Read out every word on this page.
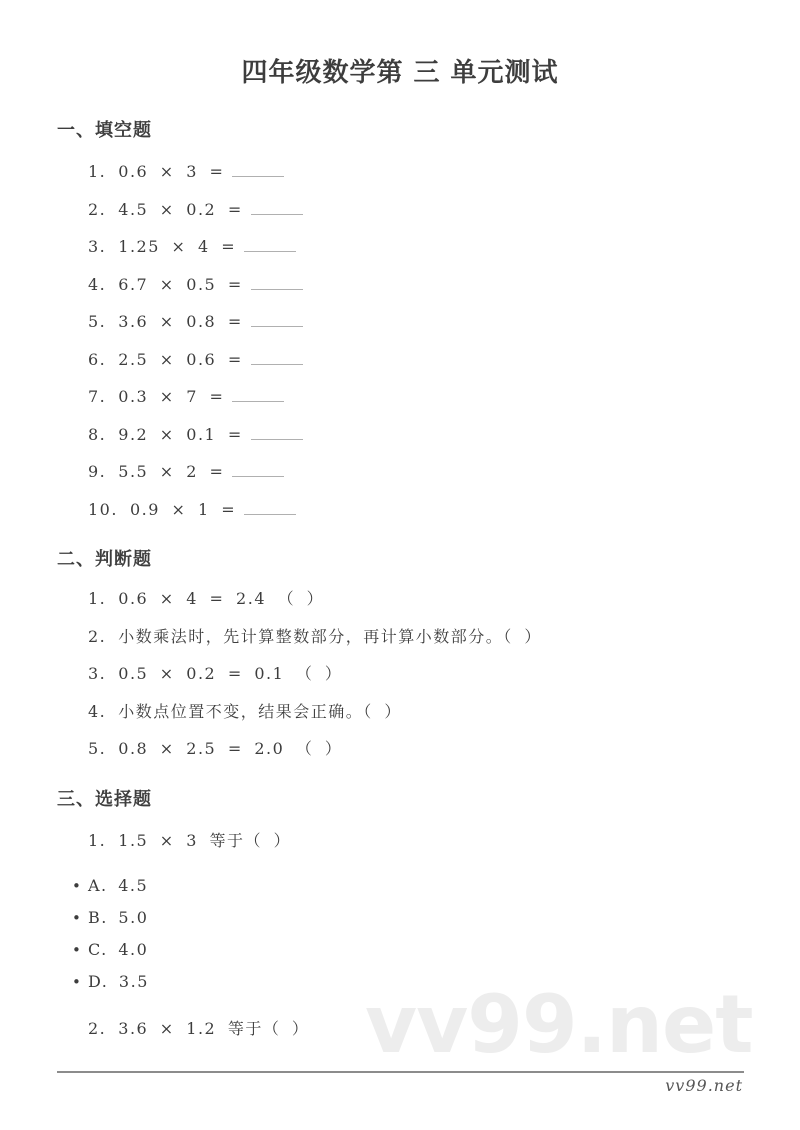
四年级数学第 三 单元测试
一、填空题
1. 0.6 × 3 =
2. 4.5 × 0.2 =
3. 1.25 × 4 =
4. 6.7 × 0.5 =
5. 3.6 × 0.8 =
6. 2.5 × 0.6 =
7. 0.3 × 7 =
8. 9.2 × 0.1 =
9. 5.5 × 2 =
10. 0.9 × 1 =
二、判断题
1. 0.6 × 4 = 2.4 （ ）
2. 小数乘法时，先计算整数部分，再计算小数部分。（ ）
3. 0.5 × 0.2 = 0.1 （ ）
4. 小数点位置不变，结果会正确。（ ）
5. 0.8 × 2.5 = 2.0 （ ）
三、选择题
1. 1.5 × 3 等于（ ）
• A. 4.5
• B. 5.0
• C. 4.0
• D. 3.5
2. 3.6 × 1.2 等于（ ） vv99.net
vv99.net
